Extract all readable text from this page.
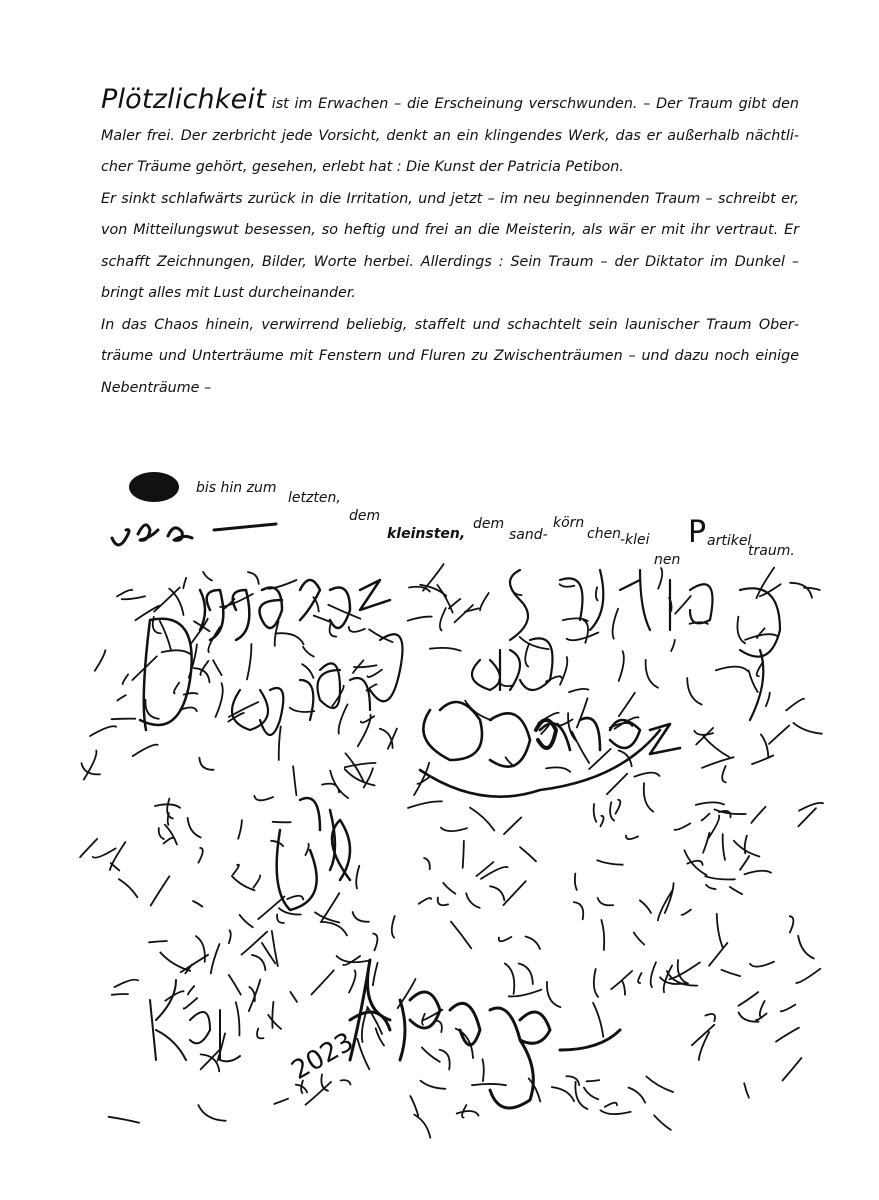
Plötzlichkeit ist im Erwachen – die Erscheinung verschwunden. – Der Traum gibt den Maler frei. Der zerbricht jede Vorsicht, denkt an ein klingendes Werk, das er außerhalb nächtlicher Träume gehört, gesehen, erlebt hat : Die Kunst der Patricia Petibon.

Er sinkt schlafwärts zurück in die Irritation, und jetzt – im neu beginnenden Traum – schreibt er, von Mitteilungswut besessen, so heftig und frei an die Meisterin, als wär er mit ihr vertraut. Er schafft Zeichnungen, Bilder, Worte herbei. Allerdings : Sein Traum – der Diktator im Dunkel – bringt alles mit Lust durcheinander.

In das Chaos hinein, verwirrend beliebig, staffelt und schachtelt sein launischer Traum Oberträume und Unterträume mit Fenstern und Fluren zu Zwischenträumen – und dazu noch einige Nebenträume –

bis hin zum
letzten,
dem
kleinsten,
dem
sand-
körn
chen
-klei
nen
P artikel
traum.
2023
